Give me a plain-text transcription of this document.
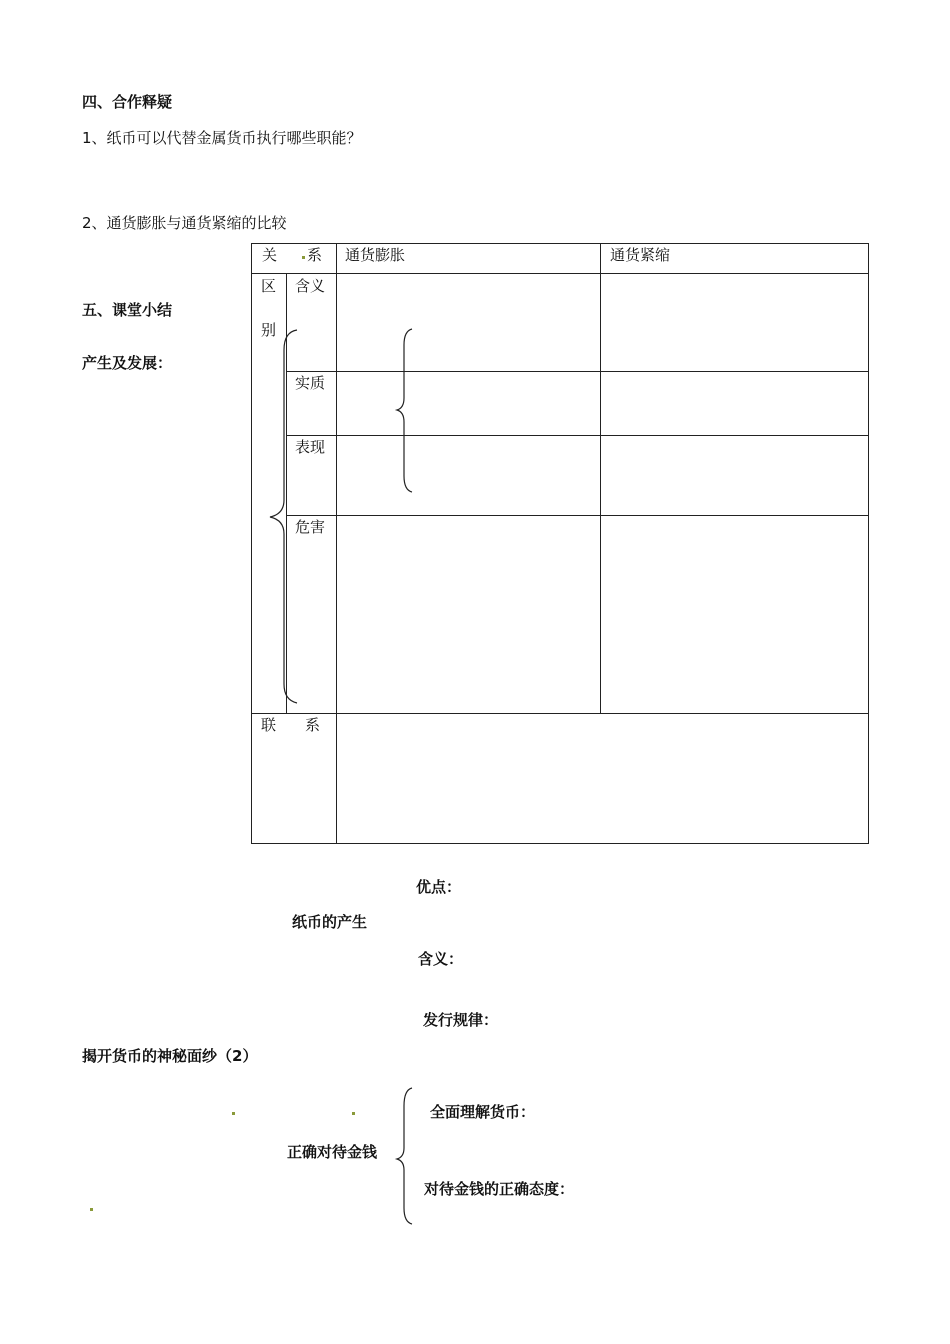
四、合作释疑
1、纸币可以代替金属货币执行哪些职能？
2、通货膨胀与通货紧缩的比较
五、课堂小结
产生及发展：
关 系 通货膨胀	通货紧缩
区
别
含义
实质
表现
危害
联 系
优点：
纸币的产生
含义：
发行规律：
揭开货币的神秘面纱（2）
正确对待金钱
全面理解货币：
对待金钱的正确态度：
